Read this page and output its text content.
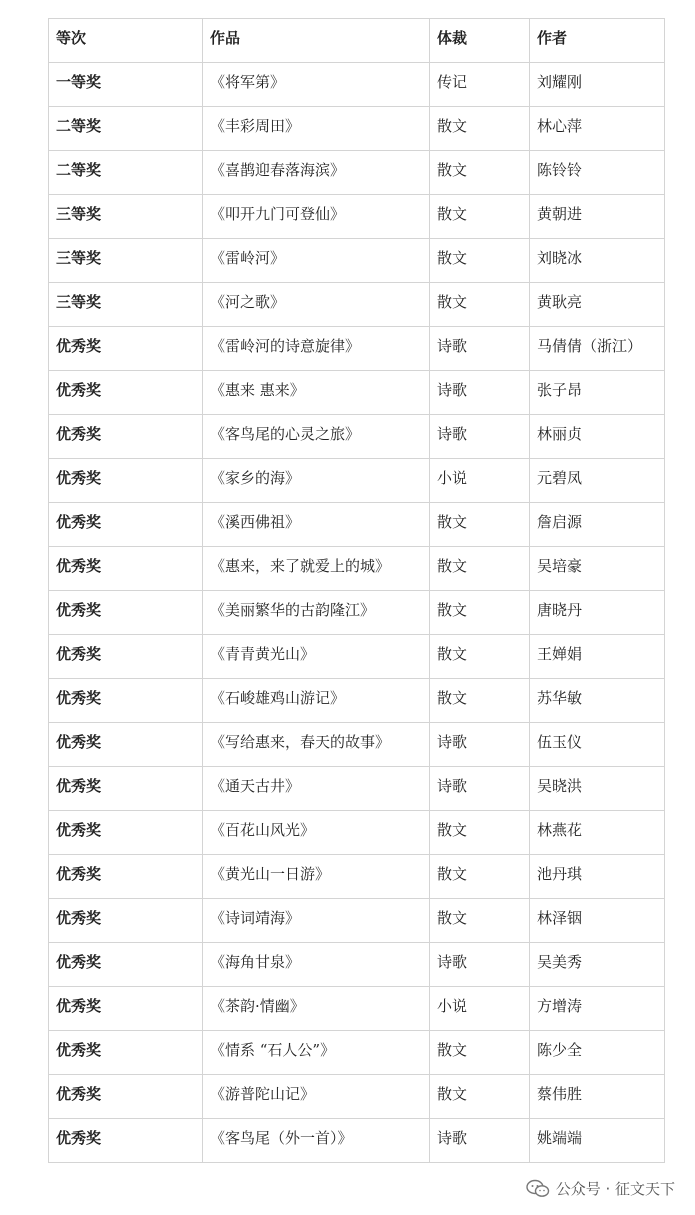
等次	作品	体裁	作者
一等奖	《将军第》	传记	刘耀刚
二等奖	《丰彩周田》	散文	林心萍
二等奖	《喜鹊迎春落海滨》	散文	陈铃铃
三等奖	《叩开九门可登仙》	散文	黄朝进
三等奖	《雷岭河》	散文	刘晓冰
三等奖	《河之歌》	散文	黄耿亮
优秀奖	《雷岭河的诗意旋律》	诗歌	马倩倩（浙江）
优秀奖	《惠来 惠来》	诗歌	张子昂
优秀奖	《客鸟尾的心灵之旅》	诗歌	林丽贞
优秀奖	《家乡的海》	小说	元碧凤
优秀奖	《溪西佛祖》	散文	詹启源
优秀奖	《惠来，来了就爱上的城》	散文	吴培豪
优秀奖	《美丽繁华的古韵隆江》	散文	唐晓丹
优秀奖	《青青黄光山》	散文	王婵娟
优秀奖	《石峻雄鸡山游记》	散文	苏华敏
优秀奖	《写给惠来，春天的故事》	诗歌	伍玉仪
优秀奖	《通天古井》	诗歌	吴晓洪
优秀奖	《百花山风光》	散文	林燕花
优秀奖	《黄光山一日游》	散文	池丹琪
优秀奖	《诗词靖海》	散文	林泽铟
优秀奖	《海角甘泉》	诗歌	吴美秀
优秀奖	《茶韵·情幽》	小说	方增涛
优秀奖	《情系 “石人公”》	散文	陈少全
优秀奖	《游普陀山记》	散文	蔡伟胜
优秀奖	《客鸟尾（外一首）》	诗歌	姚端端
公众号 · 征文天下
